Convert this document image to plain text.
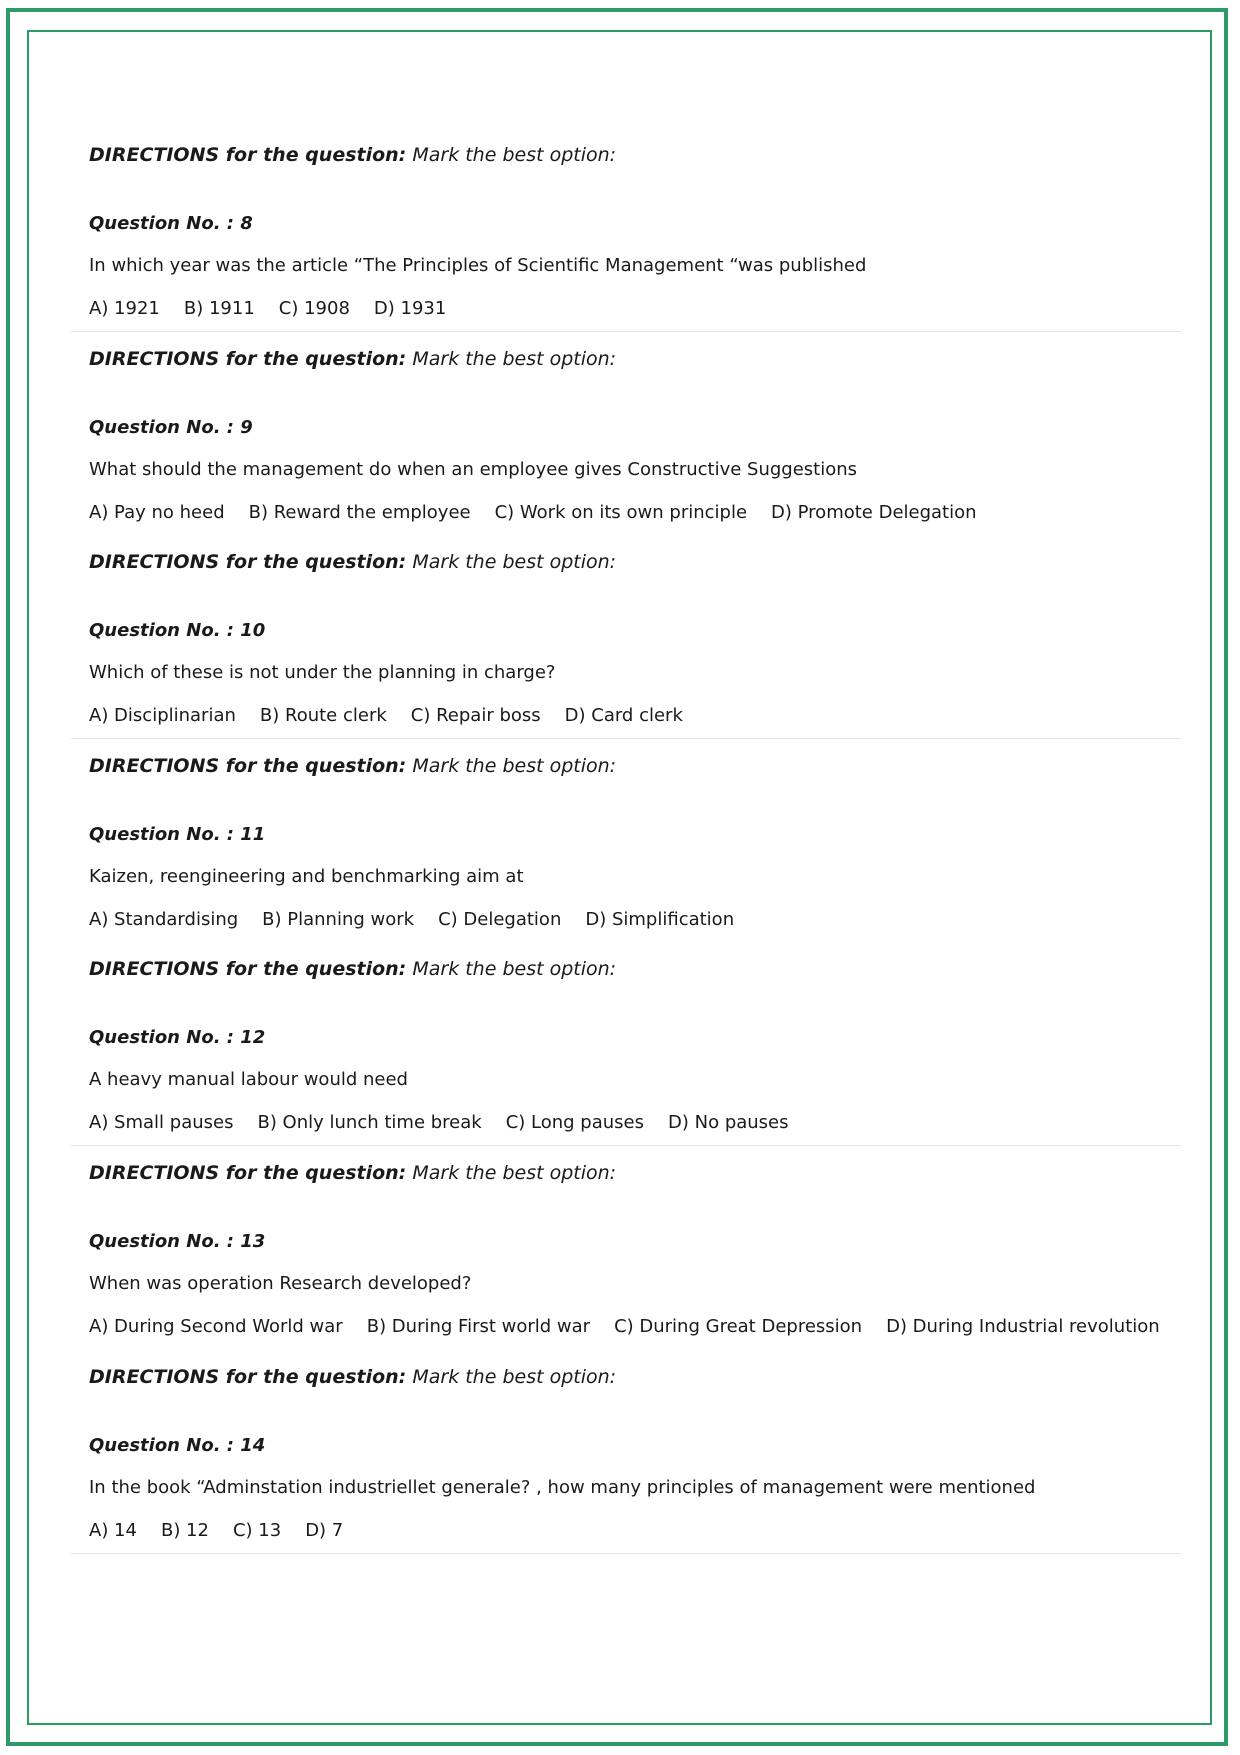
DIRECTIONS for the question: Mark the best option:
Question No. : 8
In which year was the article “The Principles of Scientific Management “was published
A) 1921 B) 1911 C) 1908 D) 1931
DIRECTIONS for the question: Mark the best option:
Question No. : 9
What should the management do when an employee gives Constructive Suggestions
A) Pay no heed B) Reward the employee C) Work on its own principle D) Promote Delegation
DIRECTIONS for the question: Mark the best option:
Question No. : 10
Which of these is not under the planning in charge?
A) Disciplinarian B) Route clerk C) Repair boss D) Card clerk
DIRECTIONS for the question: Mark the best option:
Question No. : 11
Kaizen, reengineering and benchmarking aim at
A) Standardising B) Planning work C) Delegation D) Simplification
DIRECTIONS for the question: Mark the best option:
Question No. : 12
A heavy manual labour would need
A) Small pauses B) Only lunch time break C) Long pauses D) No pauses
DIRECTIONS for the question: Mark the best option:
Question No. : 13
When was operation Research developed?
A) During Second World war B) During First world war C) During Great Depression D) During Industrial revolution
DIRECTIONS for the question: Mark the best option:
Question No. : 14
In the book “Adminstation industriellet generale? , how many principles of management were mentioned
A) 14 B) 12 C) 13 D) 7
